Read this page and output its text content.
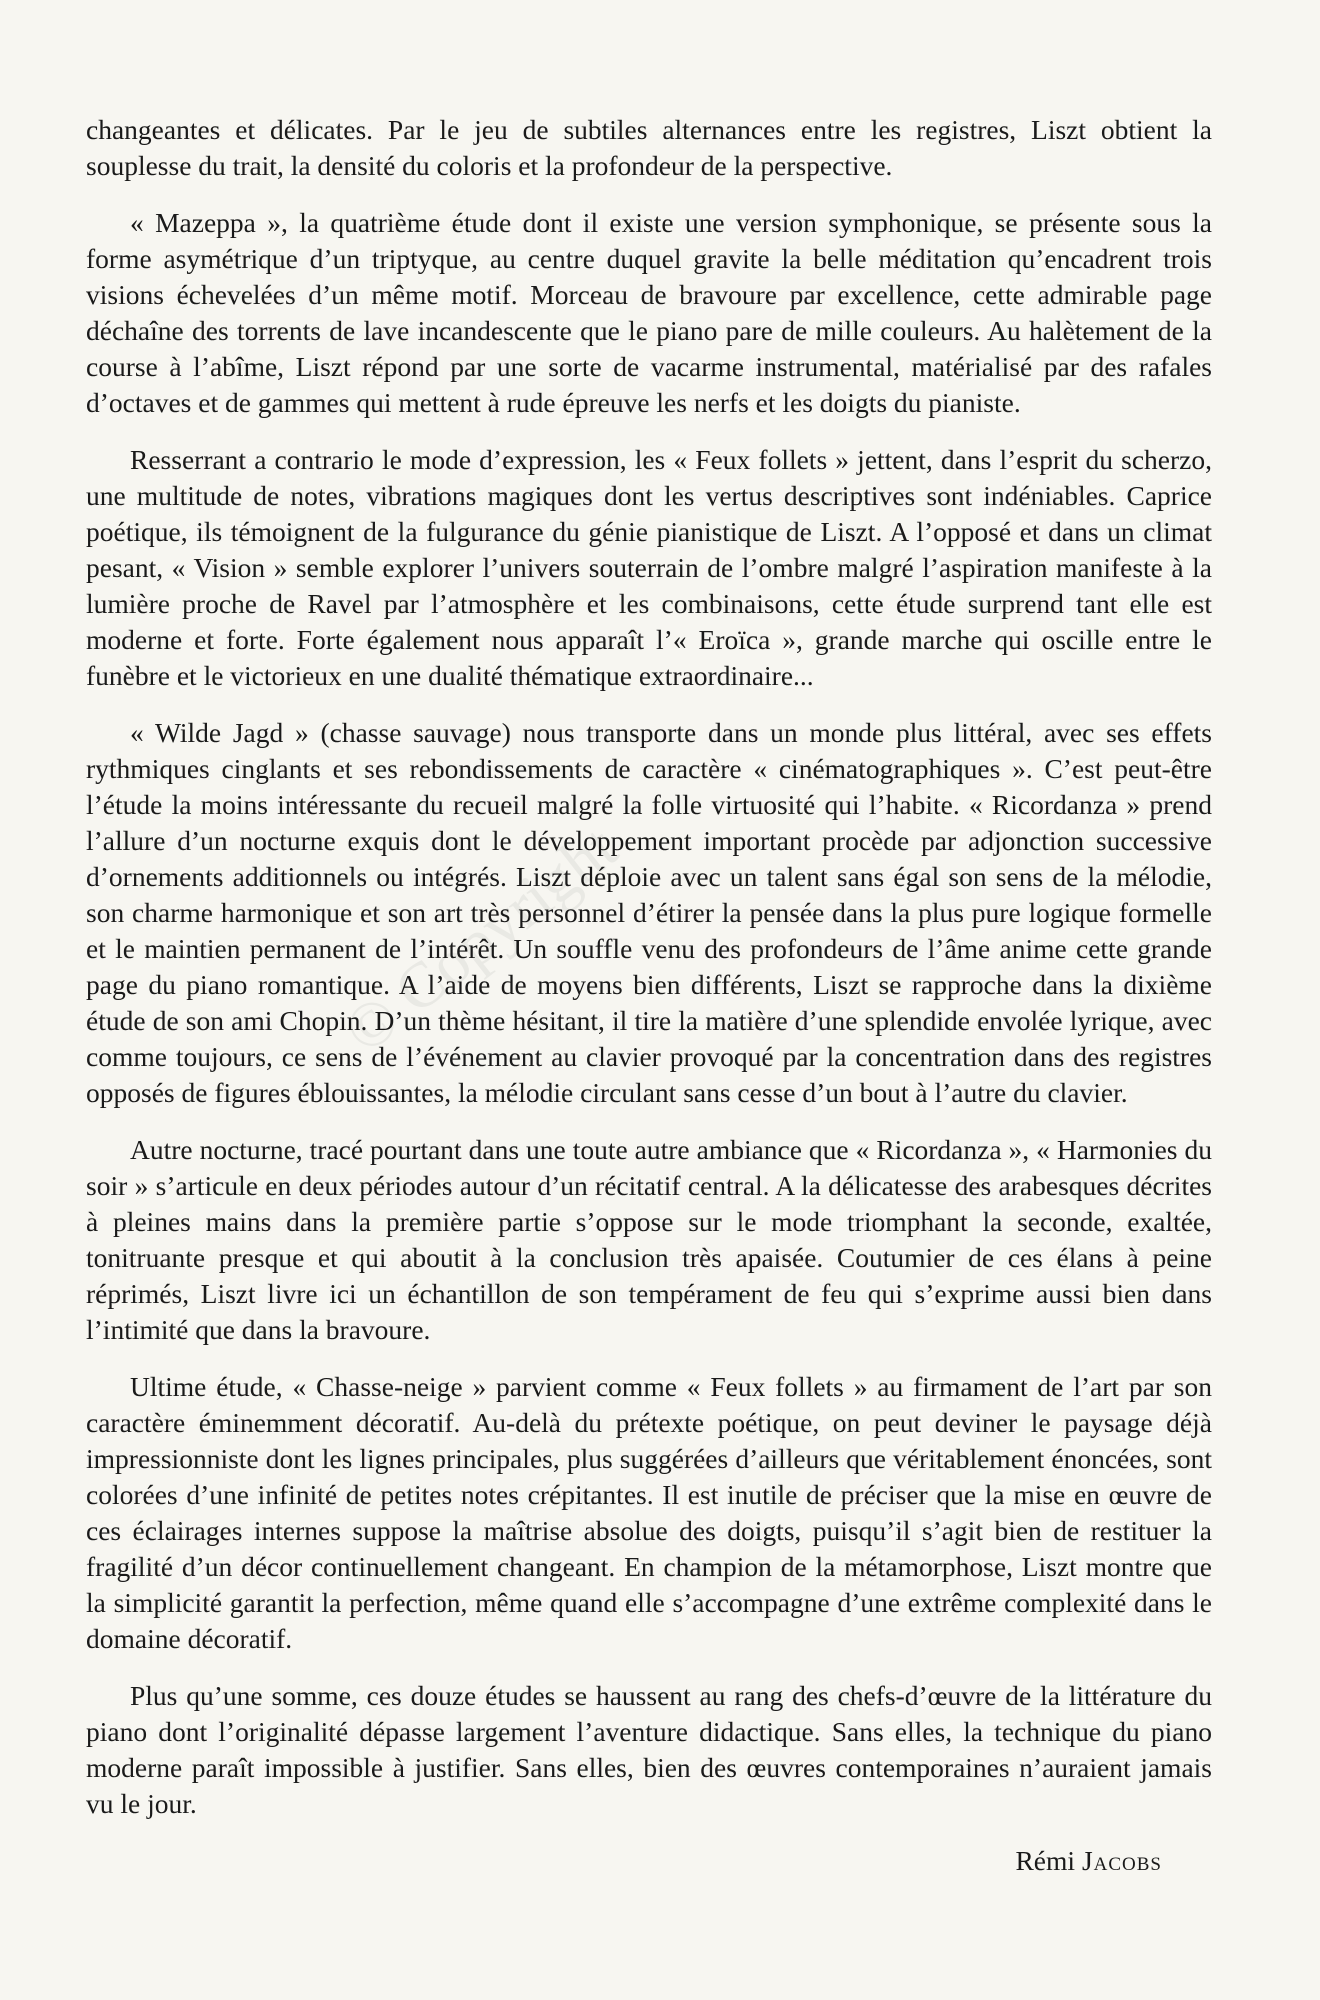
© Copyright

changeantes et délicates. Par le jeu de subtiles alternances entre les registres, Liszt obtient la souplesse du trait, la densité du coloris et la profondeur de la perspective.

« Mazeppa », la quatrième étude dont il existe une version symphonique, se présente sous la forme asymétrique d’un triptyque, au centre duquel gravite la belle méditation qu’encadrent trois visions échevelées d’un même motif. Morceau de bravoure par excellence, cette admirable page déchaîne des torrents de lave incandescente que le piano pare de mille couleurs. Au halètement de la course à l’abîme, Liszt répond par une sorte de vacarme instrumental, matérialisé par des rafales d’octaves et de gammes qui mettent à rude épreuve les nerfs et les doigts du pianiste.

Resserrant a contrario le mode d’expression, les « Feux follets » jettent, dans l’esprit du scherzo, une multitude de notes, vibrations magiques dont les vertus descriptives sont indéniables. Caprice poétique, ils témoignent de la fulgurance du génie pianistique de Liszt. A l’opposé et dans un climat pesant, « Vision » semble explorer l’univers souterrain de l’ombre malgré l’aspiration manifeste à la lumière proche de Ravel par l’atmosphère et les combinaisons, cette étude surprend tant elle est moderne et forte. Forte également nous apparaît l’« Eroïca », grande marche qui oscille entre le funèbre et le victorieux en une dualité thématique extraordinaire...

« Wilde Jagd » (chasse sauvage) nous transporte dans un monde plus littéral, avec ses effets rythmiques cinglants et ses rebondissements de caractère « cinématographiques ». C’est peut-être l’étude la moins intéressante du recueil malgré la folle virtuosité qui l’habite. « Ricordanza » prend l’allure d’un nocturne exquis dont le développement important procède par adjonction successive d’ornements additionnels ou intégrés. Liszt déploie avec un talent sans égal son sens de la mélodie, son charme harmonique et son art très personnel d’étirer la pensée dans la plus pure logique formelle et le maintien permanent de l’intérêt. Un souffle venu des profondeurs de l’âme anime cette grande page du piano romantique. A l’aide de moyens bien différents, Liszt se rapproche dans la dixième étude de son ami Chopin. D’un thème hésitant, il tire la matière d’une splendide envolée lyrique, avec comme toujours, ce sens de l’événement au clavier provoqué par la concentration dans des registres opposés de figures éblouissantes, la mélodie circulant sans cesse d’un bout à l’autre du clavier.

Autre nocturne, tracé pourtant dans une toute autre ambiance que « Ricordanza », « Harmonies du soir » s’articule en deux périodes autour d’un récitatif central. A la délicatesse des arabesques décrites à pleines mains dans la première partie s’oppose sur le mode triomphant la seconde, exaltée, tonitruante presque et qui aboutit à la conclusion très apaisée. Coutumier de ces élans à peine réprimés, Liszt livre ici un échantillon de son tempérament de feu qui s’exprime aussi bien dans l’intimité que dans la bravoure.

Ultime étude, « Chasse-neige » parvient comme « Feux follets » au firmament de l’art par son caractère éminemment décoratif. Au-delà du prétexte poétique, on peut deviner le paysage déjà impressionniste dont les lignes principales, plus suggérées d’ailleurs que véritablement énoncées, sont colorées d’une infinité de petites notes crépitantes. Il est inutile de préciser que la mise en œuvre de ces éclairages internes suppose la maîtrise absolue des doigts, puisqu’il s’agit bien de restituer la fragilité d’un décor continuellement changeant. En champion de la métamorphose, Liszt montre que la simplicité garantit la perfection, même quand elle s’accompagne d’une extrême complexité dans le domaine décoratif.

Plus qu’une somme, ces douze études se haussent au rang des chefs-d’œuvre de la littérature du piano dont l’originalité dépasse largement l’aventure didactique. Sans elles, la technique du piano moderne paraît impossible à justifier. Sans elles, bien des œuvres contemporaines n’auraient jamais vu le jour.

Rémi Jacobs
